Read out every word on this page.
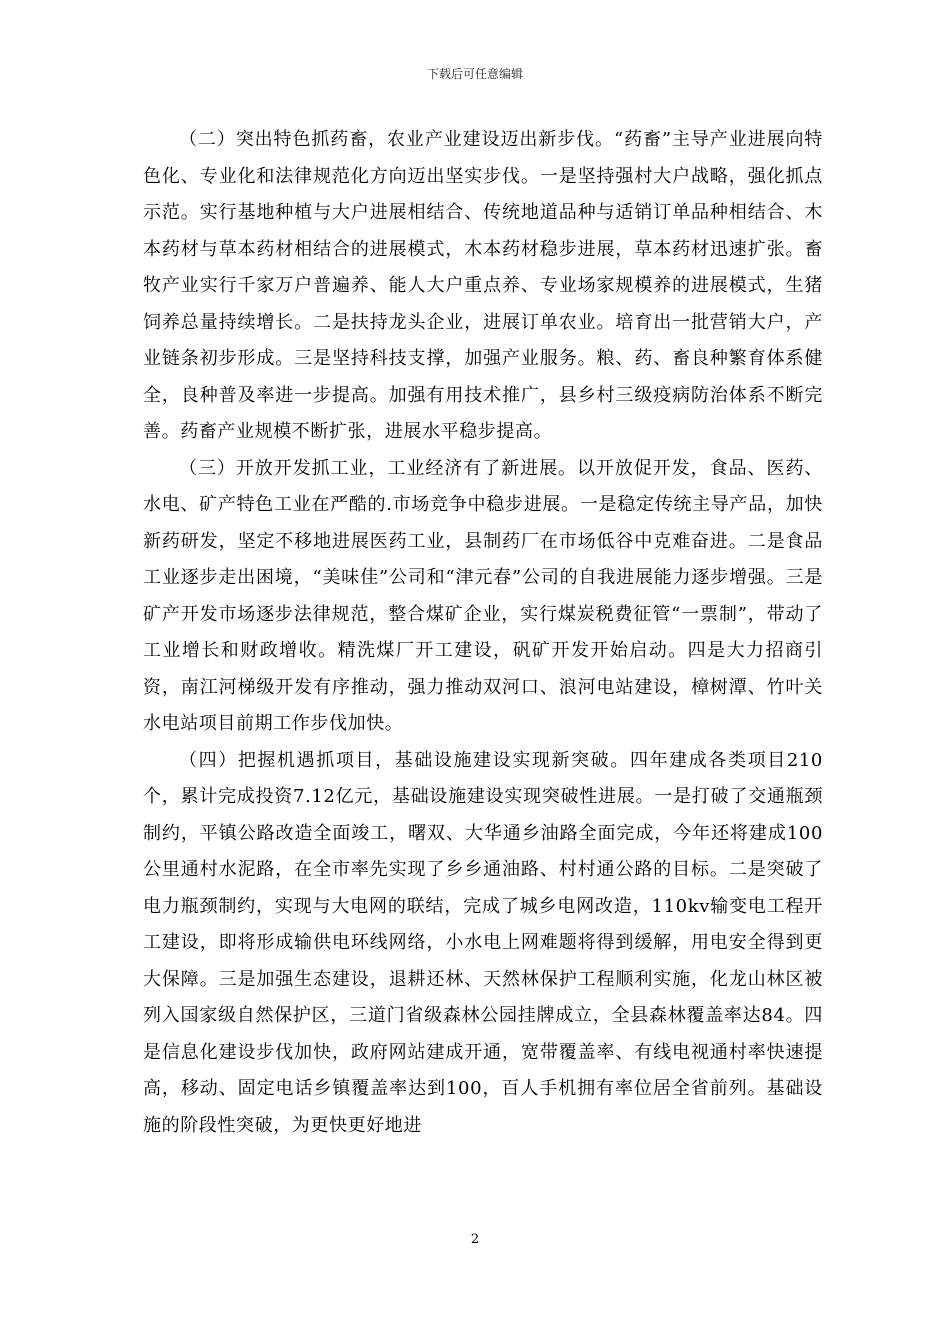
下载后可任意编辑

（二）突出特色抓药畜，农业产业建设迈出新步伐。“药畜”主导产业进展向特色化、专业化和法律规范化方向迈出坚实步伐。一是坚持强村大户战略，强化抓点示范。实行基地种植与大户进展相结合、传统地道品种与适销订单品种相结合、木本药材与草本药材相结合的进展模式，木本药材稳步进展，草本药材迅速扩张。畜牧产业实行千家万户普遍养、能人大户重点养、专业场家规模养的进展模式，生猪饲养总量持续增长。二是扶持龙头企业，进展订单农业。培育出一批营销大户，产业链条初步形成。三是坚持科技支撑，加强产业服务。粮、药、畜良种繁育体系健全，良种普及率进一步提高。加强有用技术推广，县乡村三级疫病防治体系不断完善。药畜产业规模不断扩张，进展水平稳步提高。

（三）开放开发抓工业，工业经济有了新进展。以开放促开发，食品、医药、水电、矿产特色工业在严酷的.市场竞争中稳步进展。一是稳定传统主导产品，加快新药研发，坚定不移地进展医药工业，县制药厂在市场低谷中克难奋进。二是食品工业逐步走出困境，“美味佳”公司和“津元春”公司的自我进展能力逐步增强。三是矿产开发市场逐步法律规范，整合煤矿企业，实行煤炭税费征管“一票制”，带动了工业增长和财政增收。精洗煤厂开工建设，矾矿开发开始启动。四是大力招商引资，南江河梯级开发有序推动，强力推动双河口、浪河电站建设，樟树潭、竹叶关水电站项目前期工作步伐加快。

（四）把握机遇抓项目，基础设施建设实现新突破。四年建成各类项目210个，累计完成投资7.12亿元，基础设施建设实现突破性进展。一是打破了交通瓶颈制约，平镇公路改造全面竣工，曙双、大华通乡油路全面完成，今年还将建成100公里通村水泥路，在全市率先实现了乡乡通油路、村村通公路的目标。二是突破了电力瓶颈制约，实现与大电网的联结，完成了城乡电网改造，110kv输变电工程开工建设，即将形成输供电环线网络，小水电上网难题将得到缓解，用电安全得到更大保障。三是加强生态建设，退耕还林、天然林保护工程顺利实施，化龙山林区被列入国家级自然保护区，三道门省级森林公园挂牌成立，全县森林覆盖率达84。四是信息化建设步伐加快，政府网站建成开通，宽带覆盖率、有线电视通村率快速提高，移动、固定电话乡镇覆盖率达到100，百人手机拥有率位居全省前列。基础设施的阶段性突破，为更快更好地进

2
